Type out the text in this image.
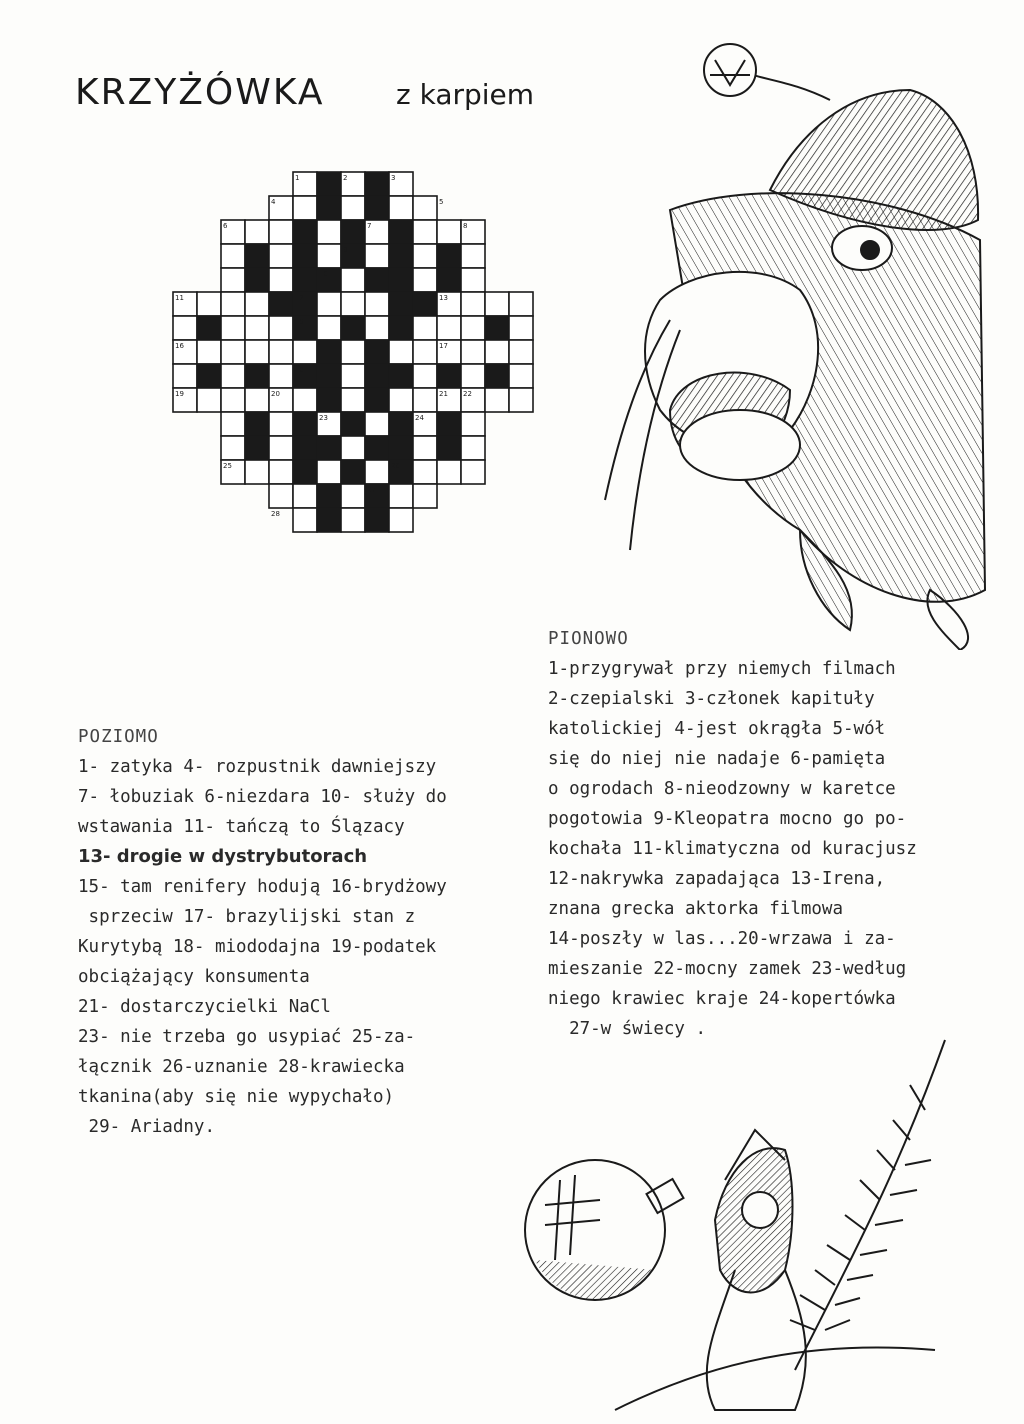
KRZYŻÓWKA	z karpiem
1	2	3
4	5
6	7	8
9
10
11	12	13
15
16	17
18
19	20	21 22
23	24
25	26
27
28

POZIOMO

1- zatyka 4- rozpustnik dawniejszy

7- łobuziak 6-niezdara 10- służy do

wstawania 11- tańczą to Ślązacy

13- drogie w dystrybutorach

15- tam renifery hodują 16-brydżowy

sprzeciw 17- brazylijski stan z

Kurytybą 18- miododajna 19-podatek

obciążający konsumenta

21- dostarczycielki NaCl

23- nie trzeba go usypiać 25-za-

łącznik 26-uznanie 28-krawiecka

tkanina(aby się nie wypychało)

29- Ariadny.

PIONOWO

1-przygrywał przy niemych filmach

2-czepialski 3-członek kapituły

katolickiej 4-jest okrągła 5-wół

się do niej nie nadaje 6-pamięta

o ogrodach 8-nieodzowny w karetce

pogotowia 9-Kleopatra mocno go po-

kochała 11-klimatyczna od kuracjusz

12-nakrywka zapadająca 13-Irena,

znana grecka aktorka filmowa

14-poszły w las...20-wrzawa i za-

mieszanie 22-mocny zamek 23-według

niego krawiec kraje 24-kopertówka

27-w świecy .
